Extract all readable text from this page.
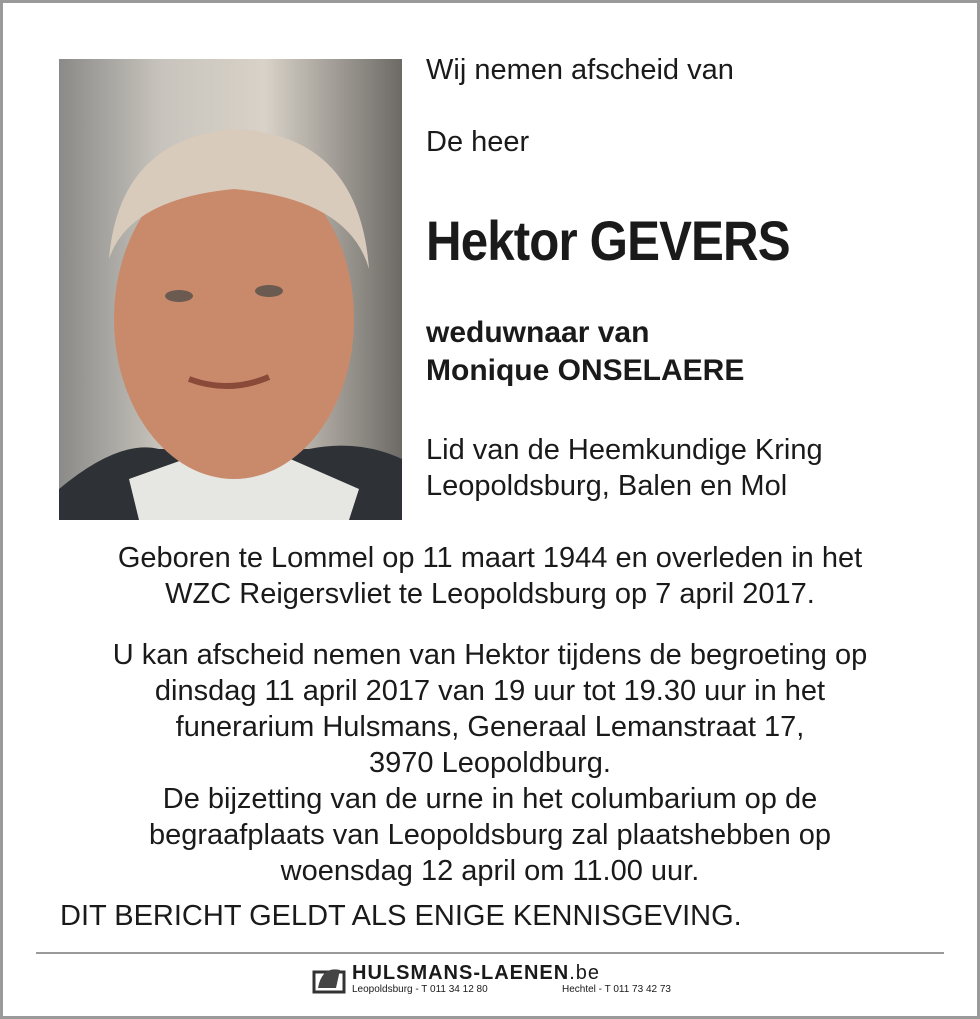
Wij nemen afscheid van
De heer
Hektor GEVERS
weduwnaar van
Monique ONSELAERE
Lid van de Heemkundige Kring
Leopoldsburg, Balen en Mol
Geboren te Lommel op 11 maart 1944 en overleden in het
WZC Reigersvliet te Leopoldsburg op 7 april 2017.
U kan afscheid nemen van Hektor tijdens de begroeting op
dinsdag 11 april 2017 van 19 uur tot 19.30 uur in het
funerarium Hulsmans, Generaal Lemanstraat 17,
3970 Leopoldburg.
De bijzetting van de urne in het columbarium op de
begraafplaats van Leopoldsburg zal plaatshebben op
woensdag 12 april om 11.00 uur.
DIT BERICHT GELDT ALS ENIGE KENNISGEVING.
HULSMANS-LAENEN.be
Leopoldsburg - T 011 34 12 80	Hechtel - T 011 73 42 73
